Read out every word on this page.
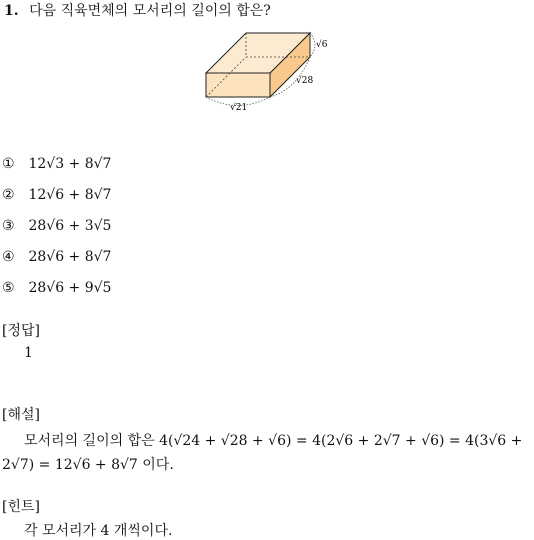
1. 다음 직육면체의 모서리의 길이의 합은?
√6
√28
√21
① 12√3 + 8√7
② 12√6 + 8√7
③ 28√6 + 3√5
④ 28√6 + 8√7
⑤ 28√6 + 9√5
[정답]
1
[해설]
모서리의 길이의 합은 4(√24 + √28 + √6) = 4(2√6 + 2√7 + √6) = 4(3√6 +
2√7) = 12√6 + 8√7 이다.
[힌트]
각 모서리가 4 개씩이다.
